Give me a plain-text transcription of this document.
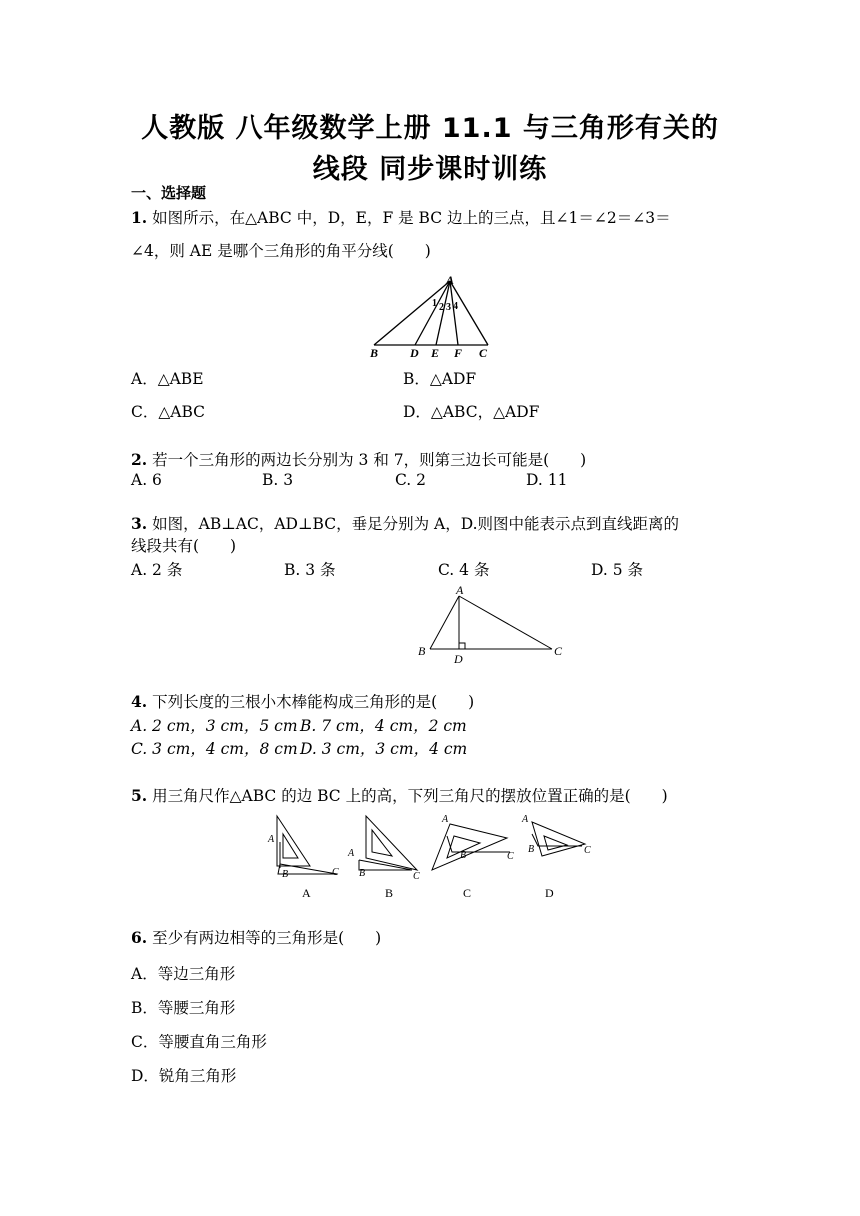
人教版 八年级数学上册 11.1 与三角形有关的
线段 同步课时训练
一、选择题
1. 如图所示，在△ABC 中，D，E，F 是 BC 边上的三点，且∠1＝∠2＝∠3＝
∠4，则 AE 是哪个三角形的角平分线(　　)
A
1 2 3 4
B	D E F C
A．△ABE	B．△ADF
C．△ABC	D．△ABC，△ADF
2. 若一个三角形的两边长分别为 3 和 7，则第三边长可能是(　　)
A. 6	B. 3	C. 2	D. 11
3. 如图，AB⊥AC，AD⊥BC，垂足分别为 A，D.则图中能表示点到直线距离的
线段共有(　　)
A. 2 条	B. 3 条	C. 4 条	D. 5 条
A
B
D
C
4. 下列长度的三根小木棒能构成三角形的是(　　)
A. 2 cm，3 cm，5 cm B. 7 cm，4 cm，2 cm
C. 3 cm，4 cm，8 cm D. 3 cm，3 cm，4 cm
5. 用三角尺作△ABC 的边 BC 上的高，下列三角尺的摆放位置正确的是(　　)
A
B	C
A
B	C
A
B	C
A
B	C
A	B	C	D
6. 至少有两边相等的三角形是(　　)
A．等边三角形
B．等腰三角形
C．等腰直角三角形
D．锐角三角形
